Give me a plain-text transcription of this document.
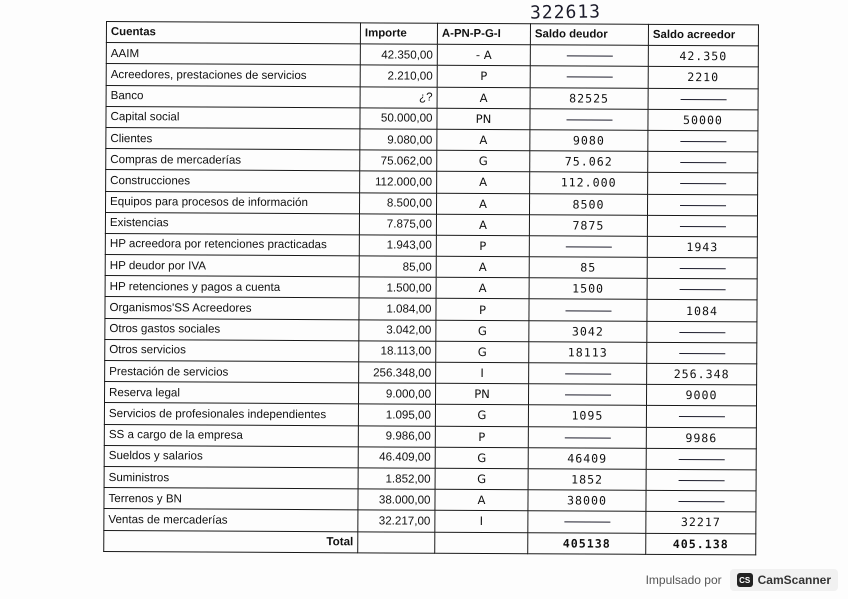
322613
Cuentas	Importe	A-PN-P-G-I	Saldo deudor	Saldo acreedor
AAIM	42.350,00	- A		42.350
Acreedores, prestaciones de servicios	2.210,00	P		2210
Banco	¿?	A	82525	
Capital social	50.000,00	PN		50000
Clientes	9.080,00	A	9080	
Compras de mercaderías	75.062,00	G	75.062	
Construcciones	112.000,00	A	112.000	
Equipos para procesos de información	8.500,00	A	8500	
Existencias	7.875,00	A	7875	
HP acreedora por retenciones practicadas	1.943,00	P		1943
HP deudor por IVA	85,00	A	85	
HP retenciones y pagos a cuenta	1.500,00	A	1500	
Organismos'SS Acreedores	1.084,00	P		1084
Otros gastos sociales	3.042,00	G	3042	
Otros servicios	18.113,00	G	18113	
Prestación de servicios	256.348,00	I		256.348
Reserva legal	9.000,00	PN		9000
Servicios de profesionales independientes	1.095,00	G	1095	
SS a cargo de la empresa	9.986,00	P		9986
Sueldos y salarios	46.409,00	G	46409	
Suministros	1.852,00	G	1852	
Terrenos y BN	38.000,00	A	38000	
Ventas de mercaderías	32.217,00	I		32217
Total			405138	405.138
Impulsado por	CS CamScanner
